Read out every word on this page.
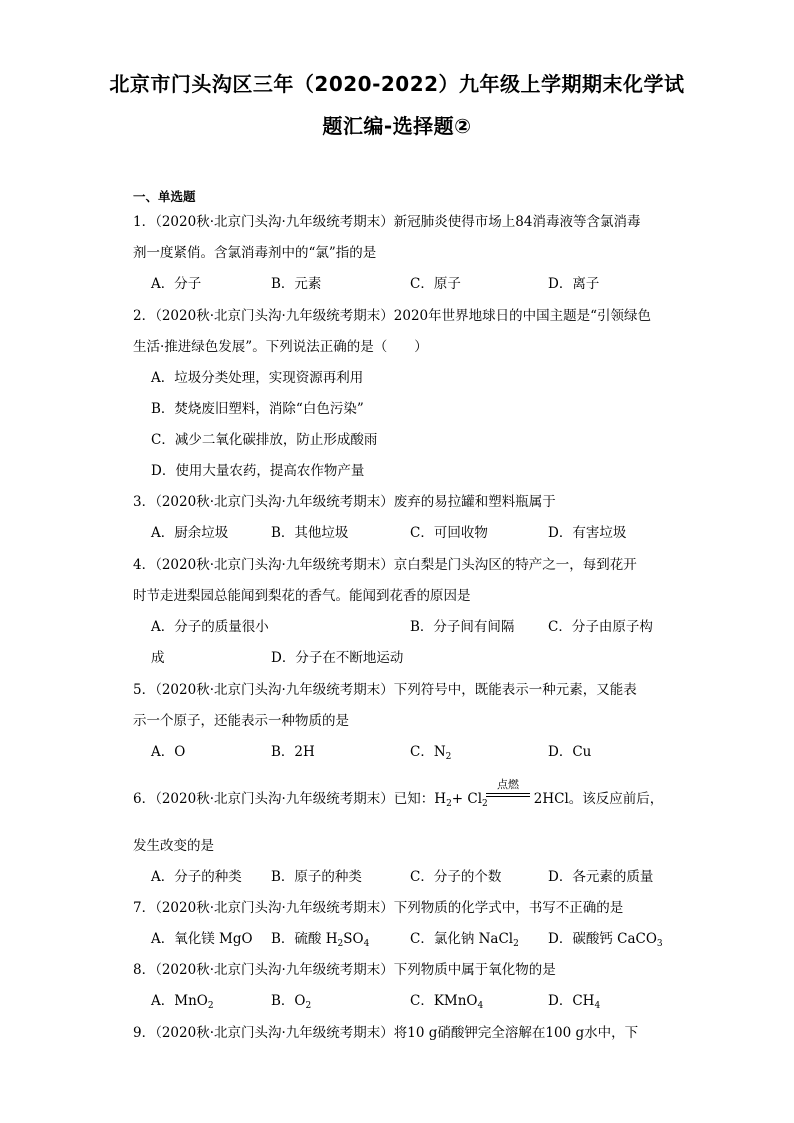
北京市门头沟区三年（2020-2022）九年级上学期期末化学试
题汇编-选择题②
一、单选题
1．（2020秋·北京门头沟·九年级统考期末）新冠肺炎使得市场上84消毒液等含氯消毒
剂一度紧俏。含氯消毒剂中的“氯”指的是
A．分子	B．元素	C．原子	D．离子
2．（2020秋·北京门头沟·九年级统考期末）2020年世界地球日的中国主题是“引领绿色
生活·推进绿色发展”。下列说法正确的是（　　）
A．垃圾分类处理，实现资源再利用
B．焚烧废旧塑料，消除“白色污染”
C．减少二氧化碳排放，防止形成酸雨
D．使用大量农药，提高农作物产量
3．（2020秋·北京门头沟·九年级统考期末）废弃的易拉罐和塑料瓶属于
A．厨余垃圾	B．其他垃圾	C．可回收物	D．有害垃圾
4．（2020秋·北京门头沟·九年级统考期末）京白梨是门头沟区的特产之一，每到花开
时节走进梨园总能闻到梨花的香气。能闻到花香的原因是
A．分子的质量很小	B．分子间有间隔 C．分子由原子构
成	D．分子在不断地运动
5．（2020秋·北京门头沟·九年级统考期末）下列符号中，既能表示一种元素，又能表
示一个原子，还能表示一种物质的是
A．O	B．2H	C．$N_2$	D．Cu
6．（2020秋·北京门头沟·九年级统考期末）已知：$H_2+ Cl_2$	2HCl。该反应前后，
点燃
发生改变的是
A．分子的种类 B．原子的种类	C．分子的个数	D．各元素的质量
7．（2020秋·北京门头沟·九年级统考期末）下列物质的化学式中，书写不正确的是
A．氧化镁 MgO B．硫酸 $H_2SO_4$	C．氯化钠 NaCl$_2$ D．碳酸钙 CaCO$_3$
8．（2020秋·北京门头沟·九年级统考期末）下列物质中属于氧化物的是
A．MnO$_2$	B．$O_2$	C．KMnO$_4$	D．$CH_4$
9．（2020秋·北京门头沟·九年级统考期末）将10 g硝酸钾完全溶解在100 g水中，下
